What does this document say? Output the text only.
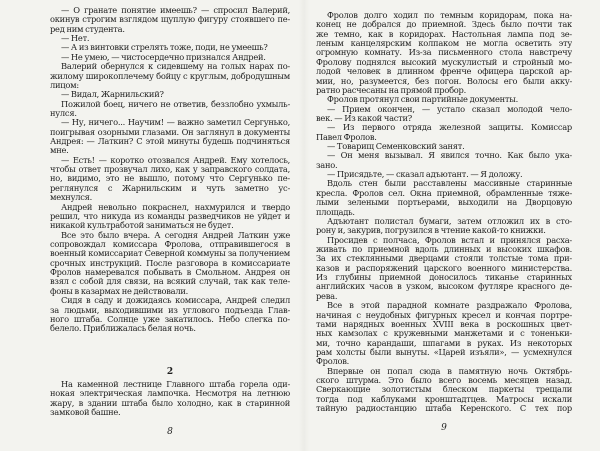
— О гранате понятие имеешь? — спросил Валерий,
окинув строгим взглядом щуплую фигуру стоявшего пе-
ред ним студента.
— Нет.
— А из винтовки стрелять тоже, поди, не умеешь?
— Не умею, — чистосердечно признался Андрей.
Валерий обернулся к сидевшему на голых нарах по-
жилому широкоплечему бойцу с круглым, добродушным
лицом:
— Видал, Жарнильский?
Пожилой боец, ничего не ответив, беззлобно ухмыль-
нулся.
— Ну, ничего... Научим! — важно заметил Сергунько,
поигрывая озорными глазами. Он заглянул в документы
Андрея: — Латкин? С этой минуты будешь подчиняться
мне.
— Есть! — коротко отозвался Андрей. Ему хотелось,
чтобы ответ прозвучал лихо, как у заправского солдата,
но, видимо, это не вышло, потому что Сергунько пе-
реглянулся с Жарнильским и чуть заметно ус-
мехнулся.
Андрей невольно покраснел, нахмурился и твердо
решил, что никуда из команды разведчиков не уйдет и
никакой культработой заниматься не будет.
Все это было вчера. А сегодня Андрей Латкин уже
сопровождал комиссара Фролова, отправившегося в
военный комиссариат Северной коммуны за получением
срочных инструкций. После разговора в комиссариате
Фролов намеревался побывать в Смольном. Андрея он
взял с собой для связи, на всякий случай, так как теле-
фоны в казармах не действовали.
Сидя в саду и дожидаясь комиссара, Андрей следил
за людьми, выходившими из углового подъезда Глав-
ного штаба. Солнце уже закатилось. Небо слегка по-
белело. Приближалась белая ночь.
2
На каменной лестнице Главного штаба горела оди-
нокая электрическая лампочка. Несмотря на летнюю
жару, в здании штаба было холодно, как в старинной
замковой башне.
8
Фролов долго ходил по темным коридорам, пока на-
конец не добрался до приемной. Здесь было почти так
же темно, как в коридорах. Настольная лампа под зе-
леным канцелярским колпаком не могла осветить эту
огромную комнату. Из-за письменного стола навстречу
Фролову поднялся высокий мускулистый и стройный мо-
лодой человек в длинном френче офицера царской ар-
мии, но, разумеется, без погон. Волосы его были акку-
ратно расчесаны на прямой пробор.
Фролов протянул свои партийные документы.
— Прием окончен, — устало сказал молодой чело-
век. — Из какой части?
— Из первого отряда железной защиты. Комиссар
Павел Фролов.
— Товарищ Семенковский занят.
— Он меня вызывал. Я явился точно. Как было ука-
зано.
— Присядьте, — сказал адъютант. — Я доложу.
Вдоль стен были расставлены массивные старинные
кресла. Фролов сел. Окна приемной, обрамленные тяже-
лыми зелеными портьерами, выходили на Дворцовую
площадь.
Адъютант полистал бумаги, затем отложил их в сто-
рону и, закурив, погрузился в чтение какой-то книжки.
Просидев с полчаса, Фролов встал и принялся расха-
живать по приемной вдоль длинных и высоких шкафов.
За их стеклянными дверцами стояли толстые тома при-
казов и распоряжений царского военного министерства.
Из глубины приемной доносилось тиканье старинных
английских часов в узком, высоком футляре красного де-
рева.
Все в этой парадной комнате раздражало Фролова,
начиная с неудобных фигурных кресел и кончая портре-
тами нарядных военных XVIII века в роскошных цвет-
ных камзолах с кружевными манжетами и с тоненьки-
ми, точно карандаши, шпагами в руках. Из некоторых
рам холсты были вынуты. «Царей изъяли», — усмехнулся
Фролов.
Впервые он попал сюда в памятную ночь Октябрь-
ского штурма. Это было всего восемь месяцев назад.
Сверкающие золотистым блеском паркеты трещали
тогда под каблуками кронштадтцев. Матросы искали
тайную радиостанцию штаба Керенского. С тех пор
9
